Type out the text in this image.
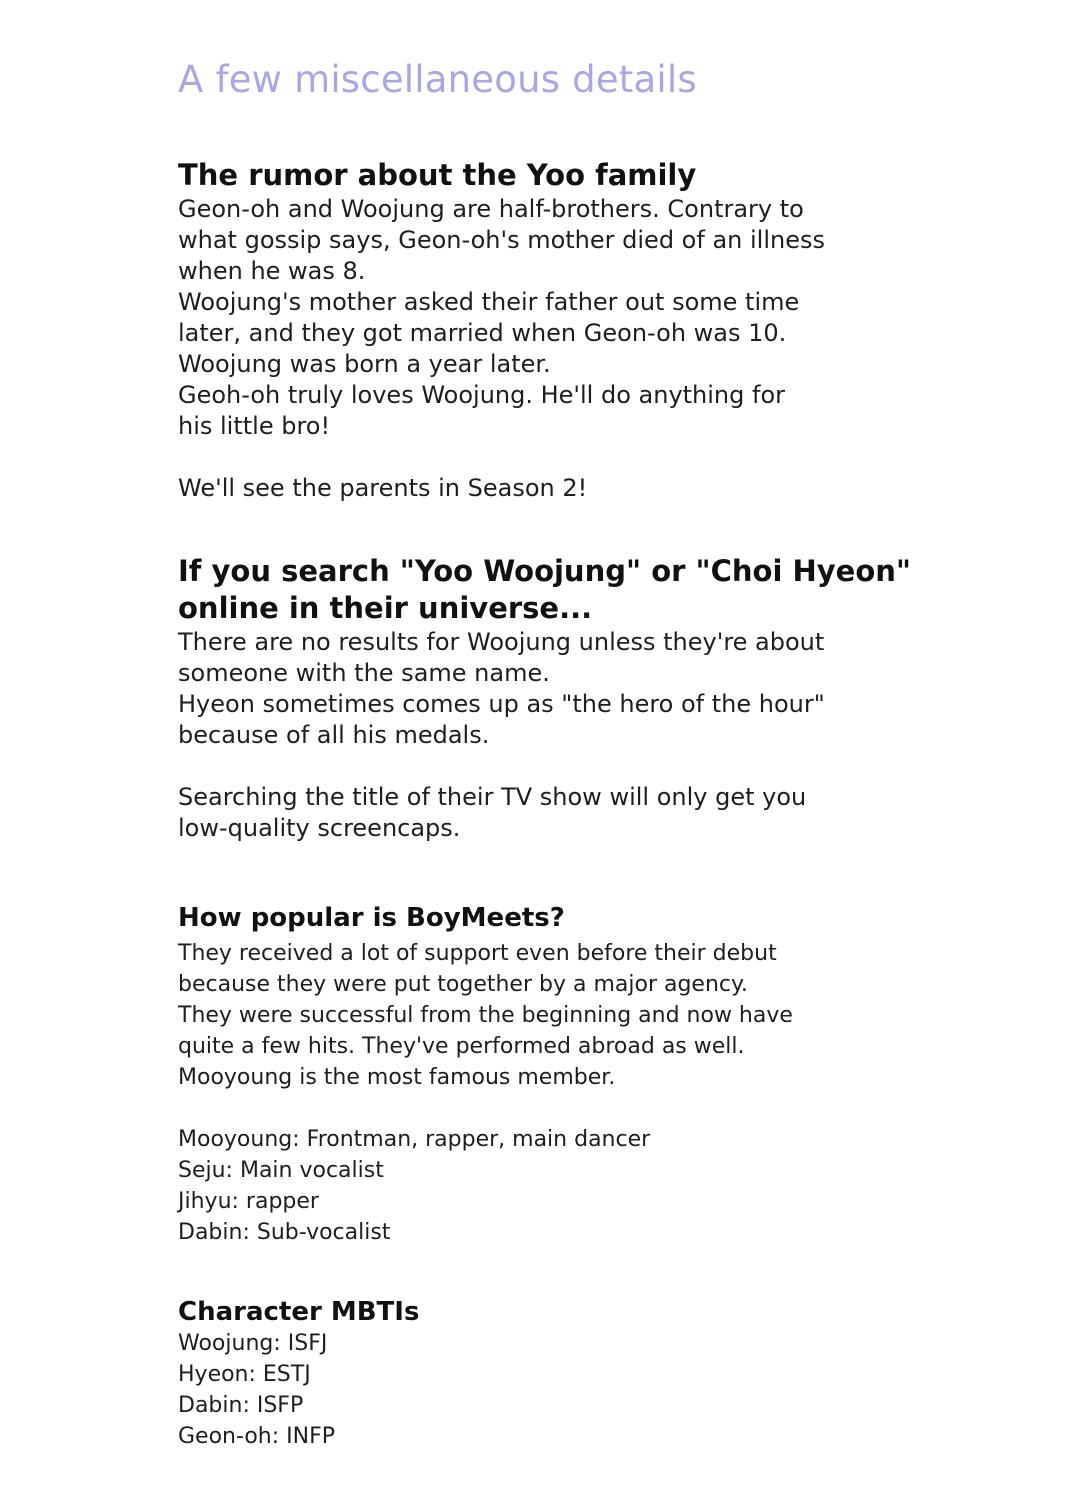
A few miscellaneous details
The rumor about the Yoo family
Geon-oh and Woojung are half-brothers. Contrary to
what gossip says, Geon-oh's mother died of an illness
when he was 8.
Woojung's mother asked their father out some time
later, and they got married when Geon-oh was 10.
Woojung was born a year later.
Geoh-oh truly loves Woojung. He'll do anything for
his little bro!
We'll see the parents in Season 2!
If you search "Yoo Woojung" or "Choi Hyeon"
online in their universe...
There are no results for Woojung unless they're about
someone with the same name.
Hyeon sometimes comes up as "the hero of the hour"
because of all his medals.
Searching the title of their TV show will only get you
low-quality screencaps.
How popular is BoyMeets?
They received a lot of support even before their debut
because they were put together by a major agency.
They were successful from the beginning and now have
quite a few hits. They've performed abroad as well.
Mooyoung is the most famous member.
Mooyoung: Frontman, rapper, main dancer
Seju: Main vocalist
Jihyu: rapper
Dabin: Sub-vocalist
Character MBTIs
Woojung: ISFJ
Hyeon: ESTJ
Dabin: ISFP
Geon-oh: INFP
